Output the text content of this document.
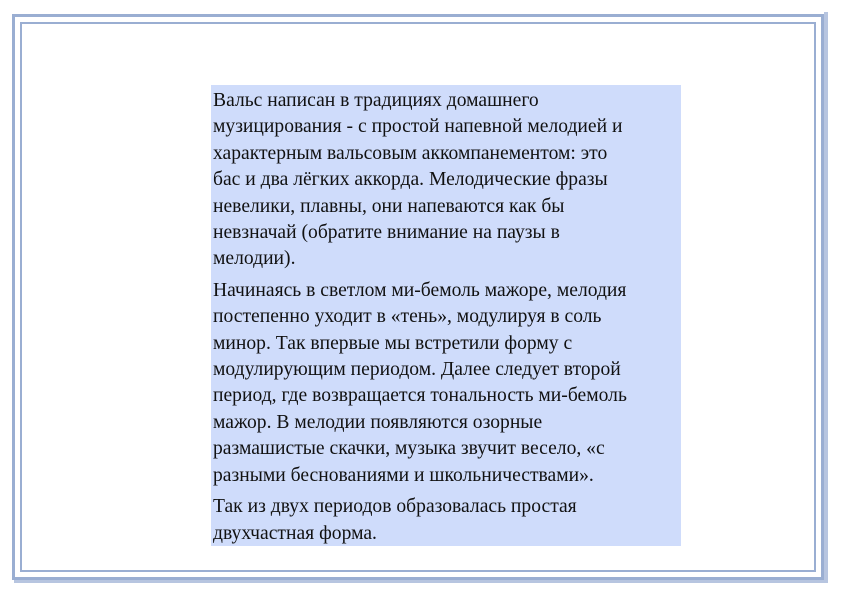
Вальс написан в традициях домашнего
музицирования - с простой напевной мелодией и
характерным вальсовым аккомпанементом: это
бас и два лёгких аккорда. Мелодические фразы
невелики, плавны, они напеваются как бы
невзначай (обратите внимание на паузы в
мелодии).

Начинаясь в светлом ми-бемоль мажоре, мелодия
постепенно уходит в «тень», модулируя в соль
минор. Так впервые мы встретили форму с
модулирующим периодом. Далее следует второй
период, где возвращается тональность ми-бемоль
мажор. В мелодии появляются озорные
размашистые скачки, музыка звучит весело, «с
разными беснованиями и школьничествами».

Так из двух периодов образовалась простая
двухчастная форма.
